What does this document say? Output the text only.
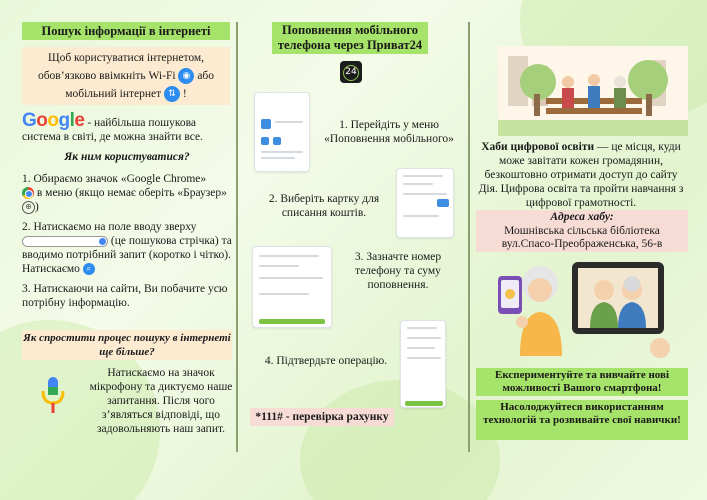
Пошук інформації в інтернеті
Щоб користуватися інтернетом,
обов’язково ввімкніть Wi-Fi ◉ або
мобільний інтернет ⇅ !
Google - найбільша пошукова система в світі, де можна знайти все.
Як ним користуватися?
1. Обираємо значок «Google Chrome»
в меню (якщо немає оберіть «Браузер» ⊕ )
2. Натискаємо на поле вводу зверху
(це пошукова стрічка) та вводимо потрібний запит (коротко і чітко). Натискаємо ⌕
3. Натискаючи на сайти, Ви побачите усю потрібну інформацію.
Як спростити процес пошуку в інтернеті ще більше?
Натискаємо на значок мікрофону та диктуємо наше запитання. Після чого з’являться відповіді, що задовольняють наш запит.
Поповнення мобільного телефона через Приват24
24
1. Перейдіть у меню «Поповнення мобільного»
2. Виберіть картку для списання коштів.
3. Зазначте номер телефону та суму поповнення.
4. Підтвердьте операцію.
*111# - перевірка рахунку
Хаби цифрової освіти — це місця, куди може завітати кожен громадянин, безкоштовно отримати доступ до сайту Дія. Цифрова освіта та пройти навчання з цифрової грамотності.
Адреса хабу:
Мошнівська сільська бібліотека
вул.Спасо-Преображенська, 56-в
Експериментуйте та вивчайте нові можливості Вашого смартфона!
Насолоджуйтеся використанням технологій та розвивайте свої навички!
